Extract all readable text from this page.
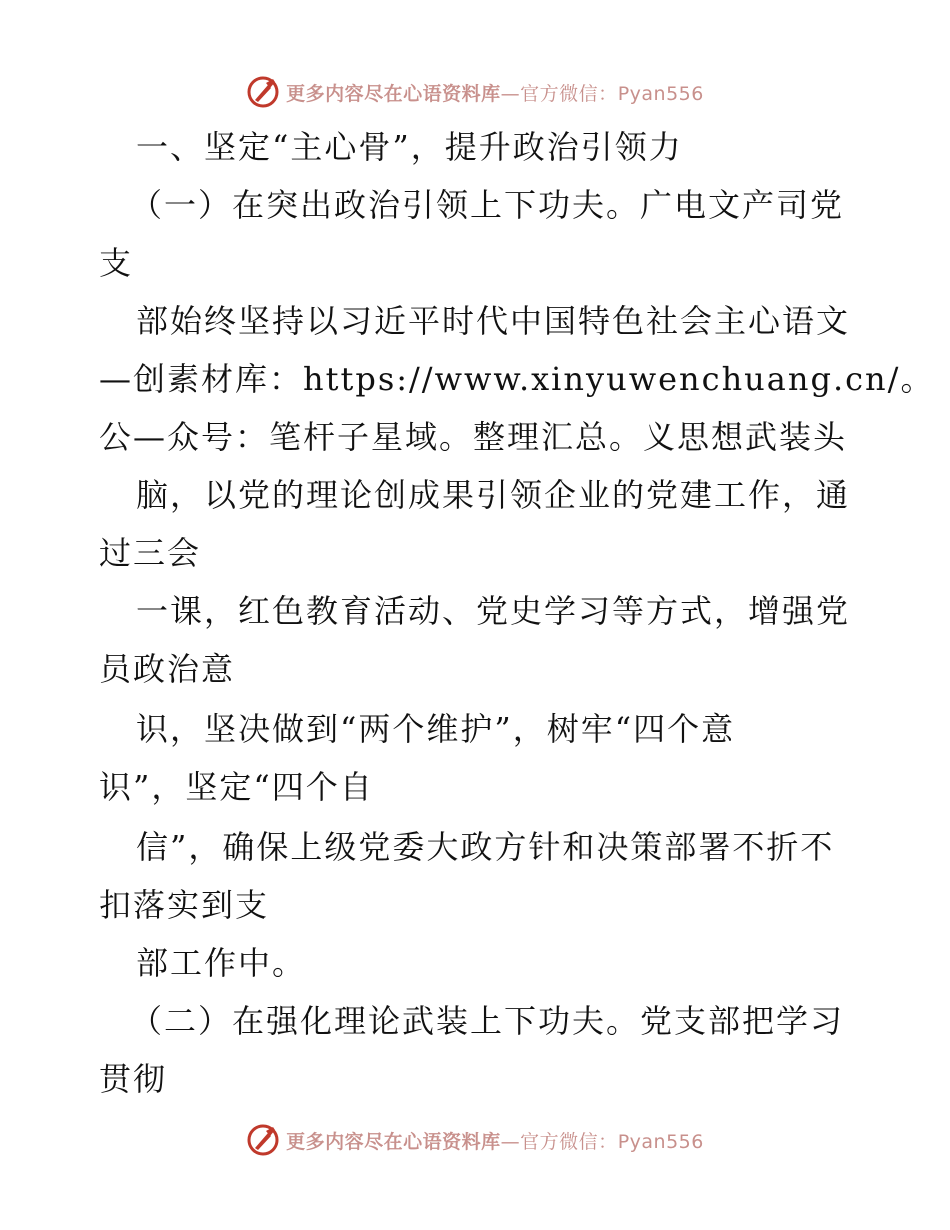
更多内容尽在心语资料库—官方微信：Pyan556
一、坚定“主心骨”，提升政治引领力
（一）在突出政治引领上下功夫。广电文产司党
支
部始终坚持以习近平时代中国特色社会主心语文
—创素材库：https://www.xinyuwenchuang.cn/。
公—众号：笔杆子星域。整理汇总。义思想武装头
脑，以党的理论创成果引领企业的党建工作，通
过三会
一课，红色教育活动、党史学习等方式，增强党
员政治意
识，坚决做到“两个维护”，树牢“四个意
识”，坚定“四个自
信”，确保上级党委大政方针和决策部署不折不
扣落实到支
部工作中。
（二）在强化理论武装上下功夫。党支部把学习
贯彻
更多内容尽在心语资料库—官方微信：Pyan556
